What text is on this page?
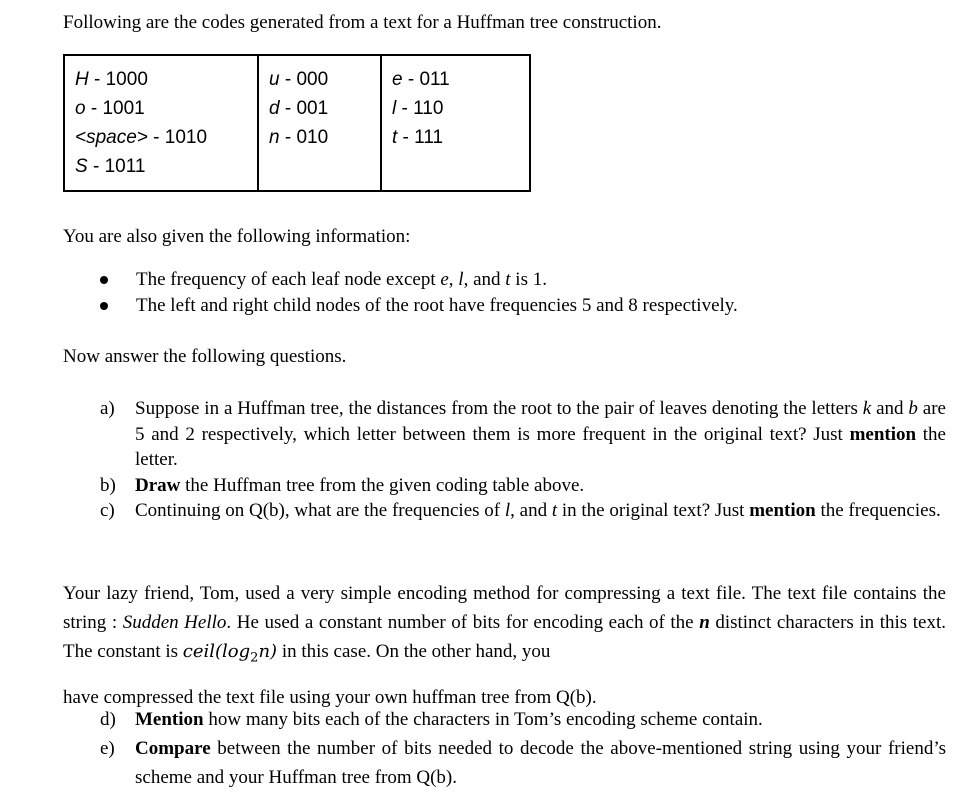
Following are the codes generated from a text for a Huffman tree construction.
H - 1000
o - 1001
<space> - 1010
S - 1011

u - 000
d - 001
n - 010

e - 011
l - 110
t - 111
You are also given the following information:
The frequency of each leaf node except e, l, and t is 1.
The left and right child nodes of the root have frequencies 5 and 8 respectively.
Now answer the following questions.
a) Suppose in a Huffman tree, the distances from the root to the pair of leaves denoting the letters k and b are 5 and 2 respectively, which letter between them is more frequent in the original text? Just mention the letter.
b) Draw the Huffman tree from the given coding table above.
c) Continuing on Q(b), what are the frequencies of l, and t in the original text? Just mention the frequencies.
Your lazy friend, Tom, used a very simple encoding method for compressing a text file. The text file contains the string : Sudden Hello. He used a constant number of bits for encoding each of the n distinct characters in this text. The constant is $ceil(\log_2n)$ in this case. On the other hand, you
have compressed the text file using your own huffman tree from Q(b).
d) Mention how many bits each of the characters in Tom’s encoding scheme contain.
e) Compare between the number of bits needed to decode the above-mentioned string using your friend’s scheme and your Huffman tree from Q(b).
